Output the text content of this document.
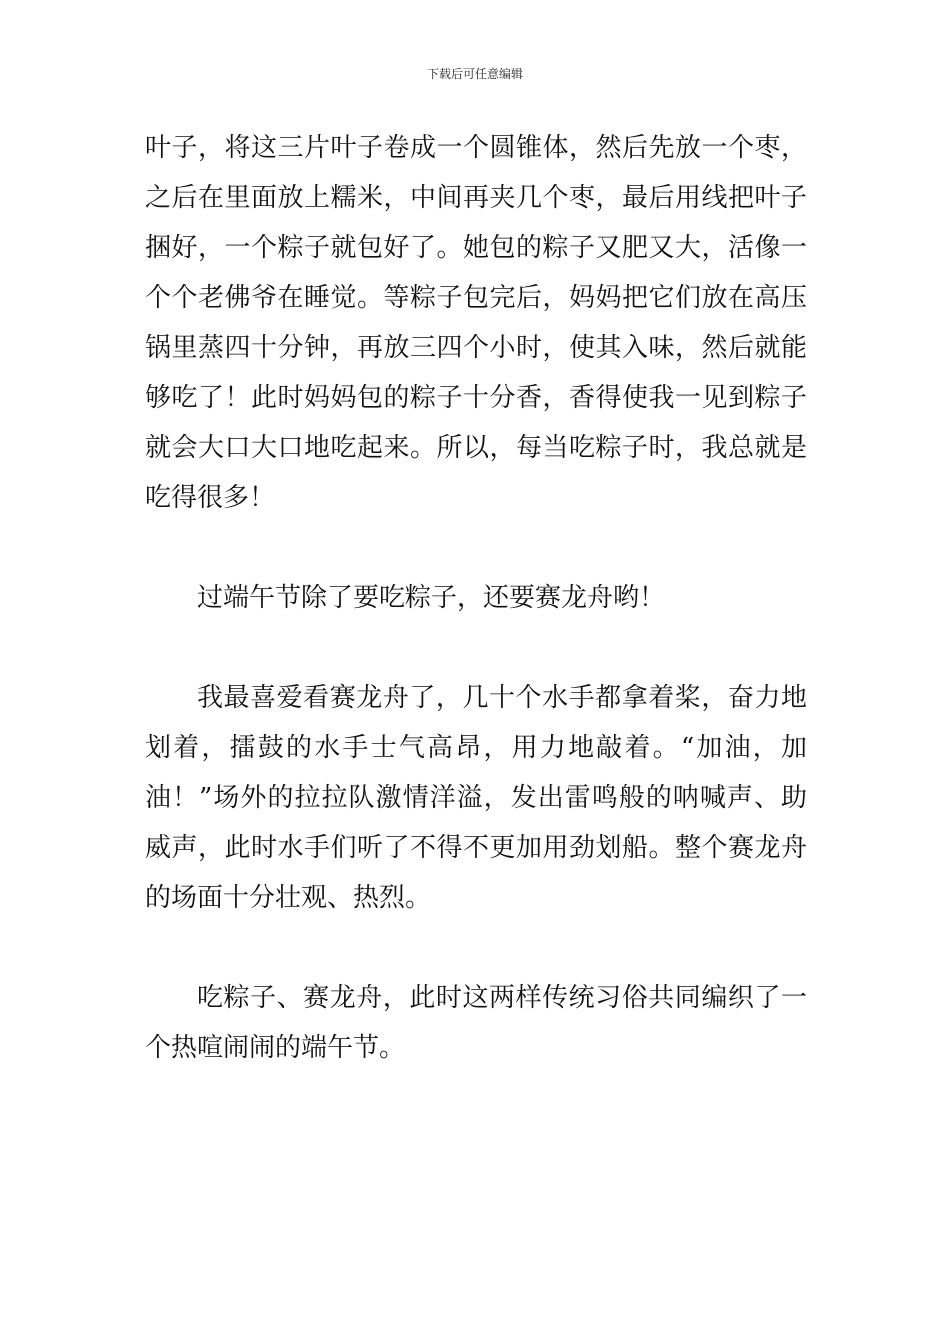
下载后可任意编辑

叶子，将这三片叶子卷成一个圆锥体，然后先放一个枣，之后在里面放上糯米，中间再夹几个枣，最后用线把叶子捆好，一个粽子就包好了。她包的粽子又肥又大，活像一个个老佛爷在睡觉。等粽子包完后，妈妈把它们放在高压锅里蒸四十分钟，再放三四个小时，使其入味，然后就能够吃了！此时妈妈包的粽子十分香，香得使我一见到粽子就会大口大口地吃起来。所以，每当吃粽子时，我总就是吃得很多！

过端午节除了要吃粽子，还要赛龙舟哟！

我最喜爱看赛龙舟了，几十个水手都拿着桨，奋力地划着，擂鼓的水手士气高昂，用力地敲着。“加油，加油！”场外的拉拉队激情洋溢，发出雷鸣般的呐喊声、助威声，此时水手们听了不得不更加用劲划船。整个赛龙舟的场面十分壮观、热烈。

吃粽子、赛龙舟，此时这两样传统习俗共同编织了一个热喧闹闹的端午节。
